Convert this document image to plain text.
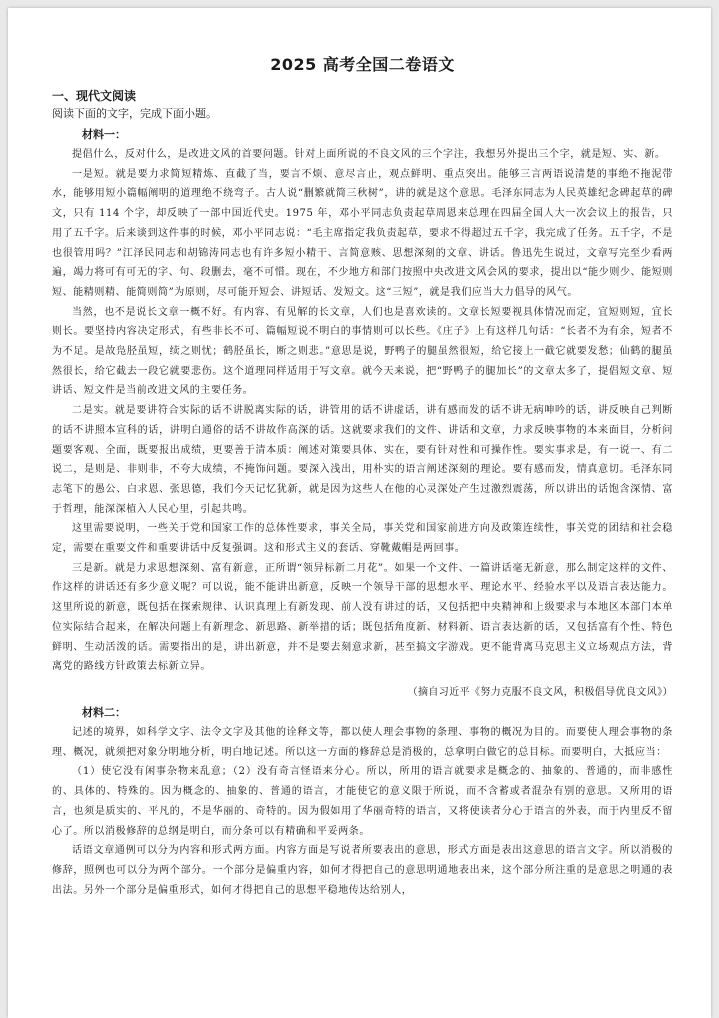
2025 高考全国二卷语文
一、现代文阅读
阅读下面的文字，完成下面小题。
材料一：

提倡什么，反对什么，是改进文风的首要问题。针对上面所说的不良文风的三个字注，我想另外提出三个字，就是短、实、新。

一是短。就是要力求简短精炼、直截了当，要言不烦、意尽言止，观点鲜明、重点突出。能够三言两语说清楚的事绝不拖泥带水，能够用短小篇幅阐明的道理绝不绕弯子。古人说“删繁就简三秋树”，讲的就是这个意思。毛泽东同志为人民英雄纪念碑起草的碑文，只有 114 个字，却反映了一部中国近代史。1975 年，邓小平同志负责起草周恩来总理在四届全国人大一次会议上的报告，只用了五千字。后来谈到这件事的时候，邓小平同志说：“毛主席指定我负责起草，要求不得超过五千字，我完成了任务。五千字，不是也很管用吗？”江泽民同志和胡锦涛同志也有许多短小精干、言简意赅、思想深刻的文章、讲话。鲁迅先生说过，文章写完至少看两遍，竭力将可有可无的字、句、段删去，毫不可惜。现在，不少地方和部门按照中央改进文风会风的要求，提出以“能少则少、能短则短、能精则精、能简则简”为原则，尽可能开短会、讲短话、发短文。这“三短”，就是我们应当大力倡导的风气。

当然，也不是说长文章一概不好。有内容、有见解的长文章，人们也是喜欢读的。文章长短要视具体情况而定，宜短则短，宜长则长。要坚持内容决定形式，有些非长不可、篇幅短说不明白的事情则可以长些。《庄子》上有这样几句话：“长者不为有余，短者不为不足。是故凫胫虽短，续之则忧；鹤胫虽长，断之则悲。”意思是说，野鸭子的腿虽然很短，给它接上一截它就要发愁；仙鹤的腿虽然很长，给它截去一段它就要悲伤。这个道理同样适用于写文章。就今天来说，把“野鸭子的腿加长”的文章太多了，提倡短文章、短讲话、短文件是当前改进文风的主要任务。

二是实。就是要讲符合实际的话不讲脱离实际的话，讲管用的话不讲虚话，讲有感而发的话不讲无病呻吟的话，讲反映自己判断的话不讲照本宣科的话，讲明白通俗的话不讲故作高深的话。这就要求我们的文件、讲话和文章，力求反映事物的本来面目，分析问题要客观、全面，既要报出成绩，更要善于清本质：阐述对策要具体、实在，要有针对性和可操作性。要实事求是，有一说一、有二说二，是则是、非则非，不夸大成绩，不掩饰问题。要深入浅出，用朴实的语言阐述深刻的理论。要有感而发，情真意切。毛泽东同志笔下的愚公、白求恩、张思德，我们今天记忆犹新，就是因为这些人在他的心灵深处产生过激烈震荡，所以讲出的话饱含深情、富于哲理，能深深植入人民心里，引起共鸣。

这里需要说明，一些关于党和国家工作的总体性要求，事关全局，事关党和国家前进方向及政策连续性，事关党的团结和社会稳定，需要在重要文件和重要讲话中反复强调。这和形式主义的套话、穿靴戴帽是两回事。

三是新。就是力求思想深刻、富有新意，正所谓“领异标新二月花”。如果一个文件、一篇讲话毫无新意，那么制定这样的文件、作这样的讲话还有多少意义呢？可以说，能不能讲出新意，反映一个领导干部的思想水平、理论水平、经验水平以及语言表达能力。这里所说的新意，既包括在探索规律、认识真理上有新发现、前人没有讲过的话，又包括把中央精神和上级要求与本地区本部门本单位实际结合起来，在解决问题上有新理念、新思路、新举措的话；既包括角度新、材料新、语言表达新的话，又包括富有个性、特色鲜明、生动活泼的话。需要指出的是，讲出新意，并不是要去刻意求新，甚至搞文字游戏。更不能背离马克思主义立场观点方法，背离党的路线方针政策去标新立异。

（摘自习近平《努力克服不良文风，积极倡导优良文风》）
材料二：

记述的境界，如科学文字、法令文字及其他的诠释文等，都以使人理会事物的条理、事物的概况为目的。而要使人理会事物的条理、概况，就须把对象分明地分析，明白地记述。所以这一方面的修辞总是消极的，总拿明白做它的总目标。而要明白，大抵应当：

（1）使它没有闲事杂物来乱意；（2）没有奇言怪语来分心。所以，所用的语言就要求是概念的、抽象的、普通的，而非感性的、具体的、特殊的。因为概念的、抽象的、普通的语言，才能使它的意义限于所说，而不含蓄或者混杂有别的意思。又所用的语言，也须是质实的、平凡的，不是华丽的、奇特的。因为假如用了华丽奇特的语言，又将使读者分心于语言的外表，而于内里反不留心了。所以消极修辞的总纲是明白，而分条可以有精确和平妥两条。

话语文章通例可以分为内容和形式两方面。内容方面是写说者所要表出的意思，形式方面是表出这意思的语言文字。所以消极的修辞，照例也可以分为两个部分。一个部分是偏重内容，如何才得把自己的意思明通地表出来，这个部分所注重的是意思之明通的表出法。另外一个部分是偏重形式，如何才得把自己的思想平稳地传达给别人，
